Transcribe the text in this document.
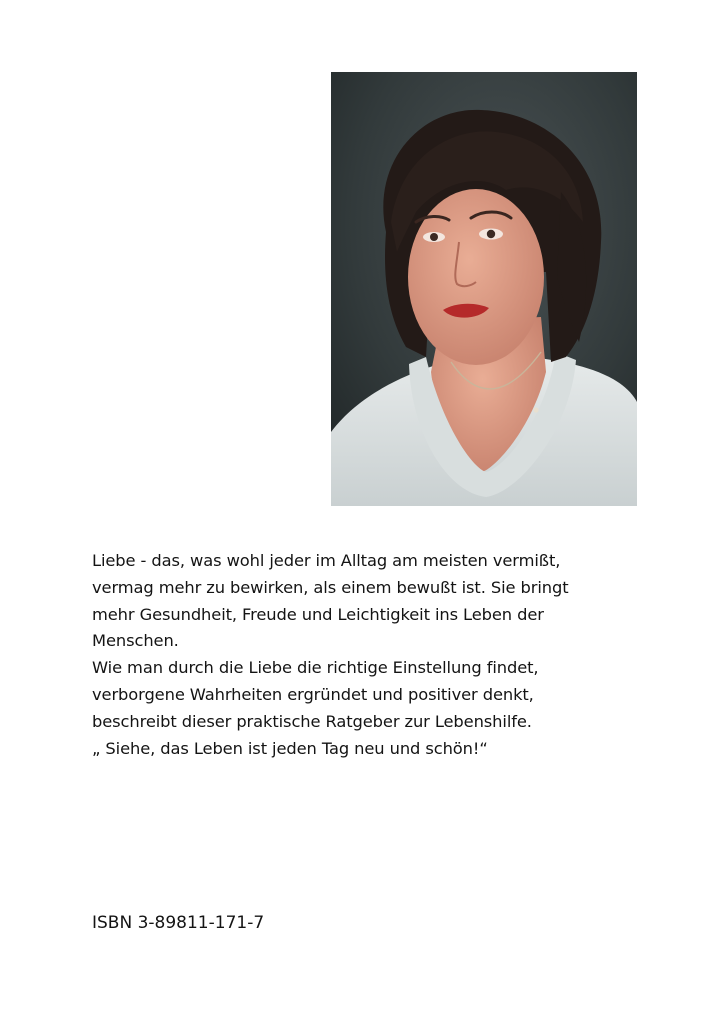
Liebe - das, was wohl jeder im Alltag am meisten vermißt,
vermag mehr zu bewirken, als einem bewußt ist. Sie bringt
mehr Gesundheit, Freude und Leichtigkeit ins Leben der
Menschen.
Wie man durch die Liebe die richtige Einstellung findet,
verborgene Wahrheiten ergründet und positiver denkt,
beschreibt dieser praktische Ratgeber zur Lebenshilfe.
„ Siehe, das Leben ist jeden Tag neu und schön!“

ISBN 3-89811-171-7
